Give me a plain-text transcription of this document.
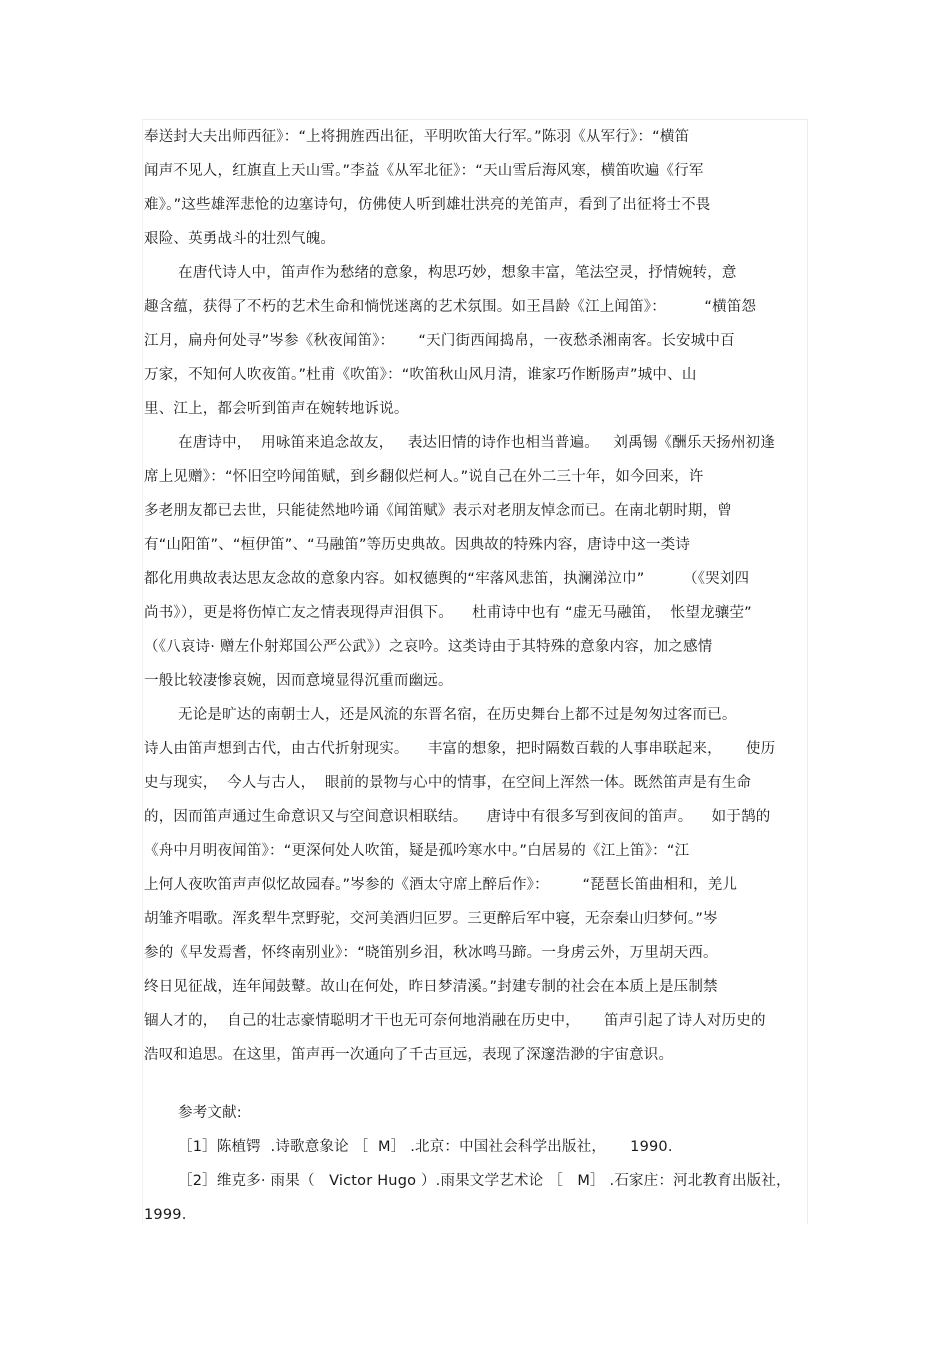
奉送封大夫出师西征》：“上将拥旌西出征，平明吹笛大行军。”陈羽《从军行》：“横笛
闻声不见人，红旗直上天山雪。”李益《从军北征》：“天山雪后海风寒，横笛吹遍《行军
难》。”这些雄浑悲怆的边塞诗句，仿佛使人听到雄壮洪亮的羌笛声，看到了出征将士不畏
艰险、英勇战斗的壮烈气魄。
在唐代诗人中，笛声作为愁绪的意象，构思巧妙，想象丰富，笔法空灵，抒情婉转，意
趣含蕴，获得了不朽的艺术生命和惝恍迷离的艺术氛围。如王昌龄《江上闻笛》：        “横笛怨
江月，扁舟何处寻”岑参《秋夜闻笛》：     “天门街西闻捣帛，一夜愁杀湘南客。长安城中百
万家，不知何人吹夜笛。”杜甫《吹笛》：“吹笛秋山风月清，谁家巧作断肠声”城中、山
里、江上，都会听到笛声在婉转地诉说。
在唐诗中，  用咏笛来追念故友，   表达旧情的诗作也相当普遍。   刘禹锡《酬乐天扬州初逢
席上见赠》：“怀旧空吟闻笛赋，到乡翻似烂柯人。”说自己在外二三十年，如今回来，许
多老朋友都已去世，只能徒然地吟诵《闻笛赋》表示对老朋友悼念而已。在南北朝时期，曾
有“山阳笛”、“桓伊笛”、“马融笛”等历史典故。因典故的特殊内容，唐诗中这一类诗
都化用典故表达思友念故的意象内容。如权德舆的“牢落风悲笛，执澜涕泣巾”        （《哭刘四
尚书》），更是将伤悼亡友之情表现得声泪俱下。    杜甫诗中也有 “虚无马融笛，  怅望龙骧茔”
（《八哀诗· 赠左仆射郑国公严公武》）之哀吟。这类诗由于其特殊的意象内容，加之感情
一般比较凄惨哀婉，因而意境显得沉重而幽远。
无论是旷达的南朝士人，还是风流的东晋名宿，在历史舞台上都不过是匆匆过客而已。
诗人由笛声想到古代，由古代折射现实。    丰富的想象，把时隔数百载的人事串联起来，     使历
史与现实，  今人与古人，  眼前的景物与心中的情事，在空间上浑然一体。既然笛声是有生命
的，因而笛声通过生命意识又与空间意识相联结。    唐诗中有很多写到夜间的笛声。    如于鹄的
《舟中月明夜闻笛》：“更深何处人吹笛，疑是孤吟寒水中。”白居易的《江上笛》：“江
上何人夜吹笛声声似忆故园春。”岑参的《酒太守席上醉后作》：       “琵琶长笛曲相和，羌儿
胡雏齐唱歌。浑炙犁牛烹野驼，交河美酒归叵罗。三更醉后军中寝，无奈秦山归梦何。”岑
参的《早发焉耆，怀终南别业》：“晓笛别乡泪，秋冰鸣马蹄。一身虏云外，万里胡天西。
终日见征战，连年闻鼓鼙。故山在何处，昨日梦清溪。”封建专制的社会在本质上是压制禁
锢人才的，  自己的壮志豪情聪明才干也无可奈何地消融在历史中，     笛声引起了诗人对历史的
浩叹和追思。在这里，笛声再一次通向了千古亘远，表现了深邃浩渺的宇宙意识。
参考文献:
［1］陈植锷  .诗歌意象论 ［  M］ .北京：中国社会科学出版社，     1990.
［2］维克多· 雨果（   Victor Hugo ）.雨果文学艺术论 ［   M］ .石家庄：河北教育出版社，
1999.
